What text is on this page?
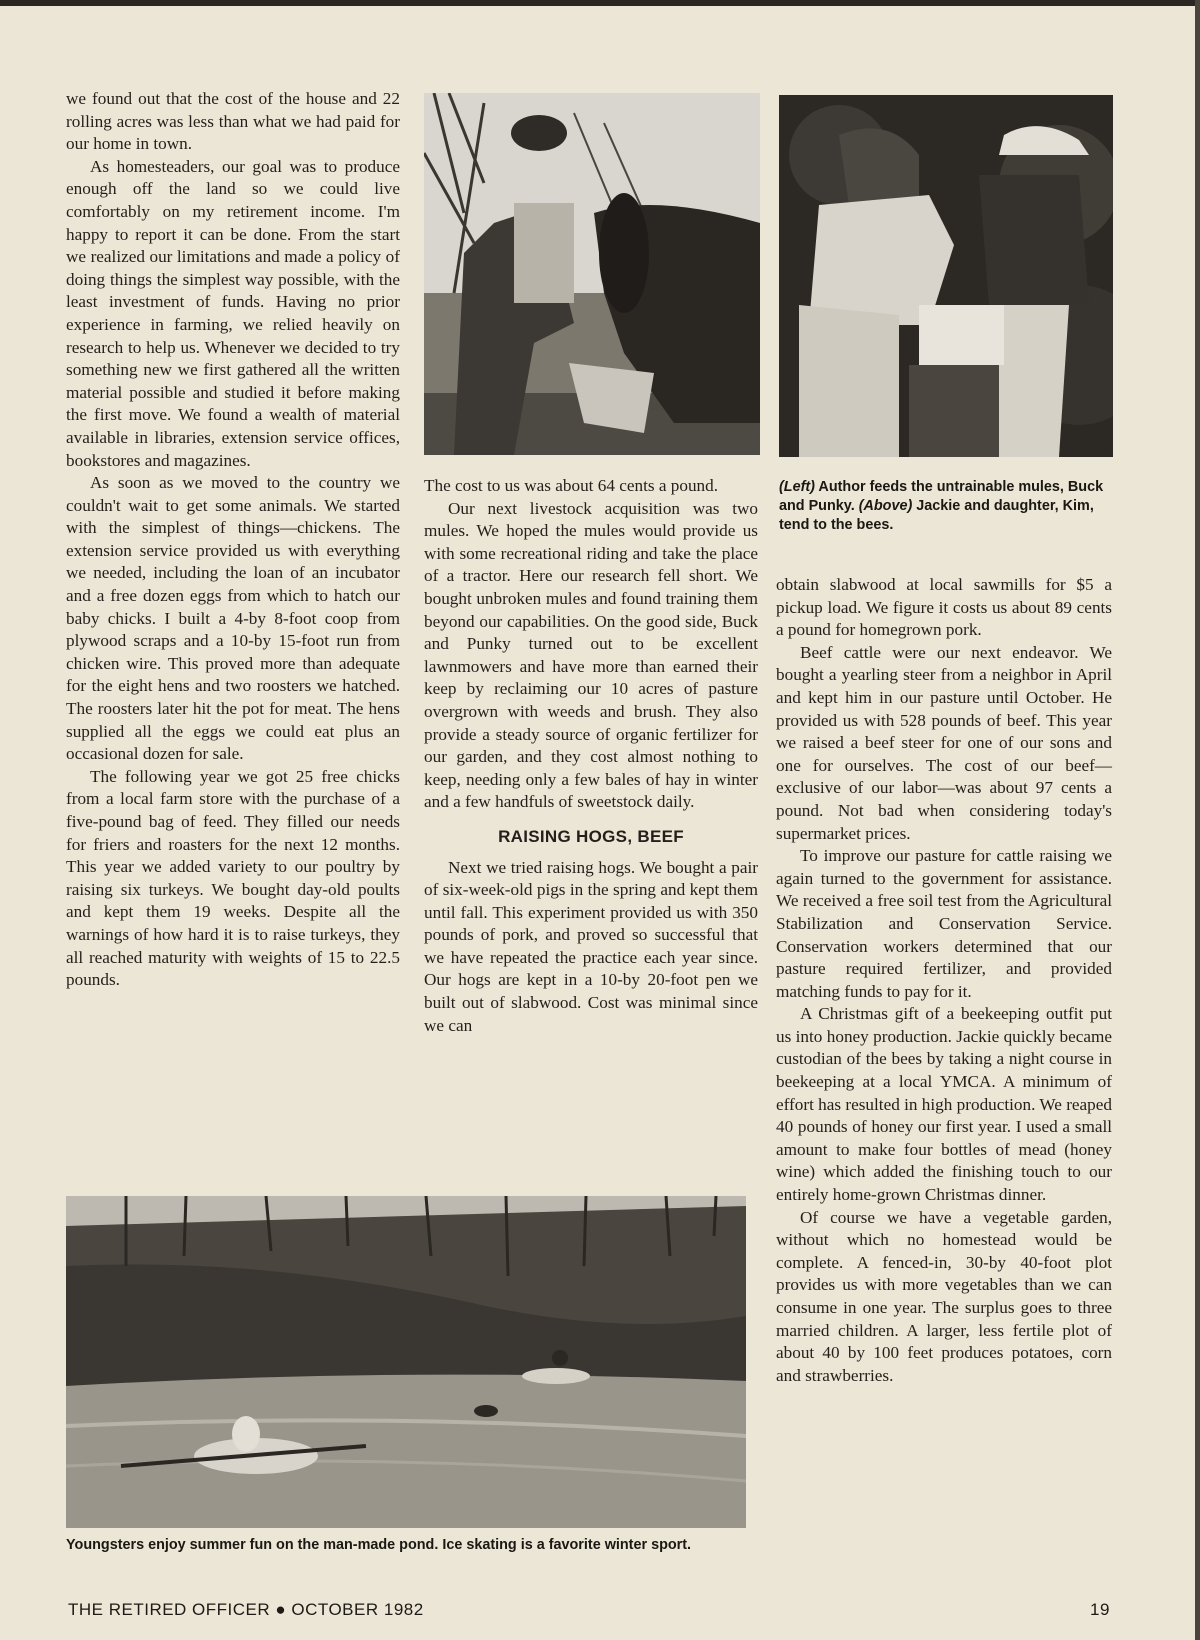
we found out that the cost of the house and 22 rolling acres was less than what we had paid for our home in town.

As homesteaders, our goal was to produce enough off the land so we could live comfortably on my retirement income. I'm happy to report it can be done. From the start we realized our limitations and made a policy of doing things the simplest way possible, with the least investment of funds. Having no prior experience in farming, we relied heavily on research to help us. Whenever we decided to try something new we first gathered all the written material possible and studied it before making the first move. We found a wealth of material available in libraries, extension service offices, bookstores and magazines.

As soon as we moved to the country we couldn't wait to get some animals. We started with the simplest of things—chickens. The extension service provided us with everything we needed, including the loan of an incubator and a free dozen eggs from which to hatch our baby chicks. I built a 4-by 8-foot coop from plywood scraps and a 10-by 15-foot run from chicken wire. This proved more than adequate for the eight hens and two roosters we hatched. The roosters later hit the pot for meat. The hens supplied all the eggs we could eat plus an occasional dozen for sale.

The following year we got 25 free chicks from a local farm store with the purchase of a five-pound bag of feed. They filled our needs for friers and roasters for the next 12 months. This year we added variety to our poultry by raising six turkeys. We bought day-old poults and kept them 19 weeks. Despite all the warnings of how hard it is to raise turkeys, they all reached maturity with weights of 15 to 22.5 pounds.

(Left) Author feeds the untrainable mules, Buck and Punky. (Above) Jackie and daughter, Kim, tend to the bees.

The cost to us was about 64 cents a pound.

Our next livestock acquisition was two mules. We hoped the mules would provide us with some recreational riding and take the place of a tractor. Here our research fell short. We bought unbroken mules and found training them beyond our capabilities. On the good side, Buck and Punky turned out to be excellent lawnmowers and have more than earned their keep by reclaiming our 10 acres of pasture overgrown with weeds and brush. They also provide a steady source of organic fertilizer for our garden, and they cost almost nothing to keep, needing only a few bales of hay in winter and a few handfuls of sweetstock daily.

RAISING HOGS, BEEF

Next we tried raising hogs. We bought a pair of six-week-old pigs in the spring and kept them until fall. This experiment provided us with 350 pounds of pork, and proved so successful that we have repeated the practice each year since. Our hogs are kept in a 10-by 20-foot pen we built out of slabwood. Cost was minimal since we can

obtain slabwood at local sawmills for $5 a pickup load. We figure it costs us about 89 cents a pound for homegrown pork.

Beef cattle were our next endeavor. We bought a yearling steer from a neighbor in April and kept him in our pasture until October. He provided us with 528 pounds of beef. This year we raised a beef steer for one of our sons and one for ourselves. The cost of our beef—exclusive of our labor—was about 97 cents a pound. Not bad when considering today's supermarket prices.

To improve our pasture for cattle raising we again turned to the government for assistance. We received a free soil test from the Agricultural Stabilization and Conservation Service. Conservation workers determined that our pasture required fertilizer, and provided matching funds to pay for it.

A Christmas gift of a beekeeping outfit put us into honey production. Jackie quickly became custodian of the bees by taking a night course in beekeeping at a local YMCA. A minimum of effort has resulted in high production. We reaped 40 pounds of honey our first year. I used a small amount to make four bottles of mead (honey wine) which added the finishing touch to our entirely home-grown Christmas dinner.

Of course we have a vegetable garden, without which no homestead would be complete. A fenced-in, 30-by 40-foot plot provides us with more vegetables than we can consume in one year. The surplus goes to three married children. A larger, less fertile plot of about 40 by 100 feet produces potatoes, corn and strawberries.

Youngsters enjoy summer fun on the man-made pond. Ice skating is a favorite winter sport.
THE RETIRED OFFICER ● OCTOBER 1982	19
